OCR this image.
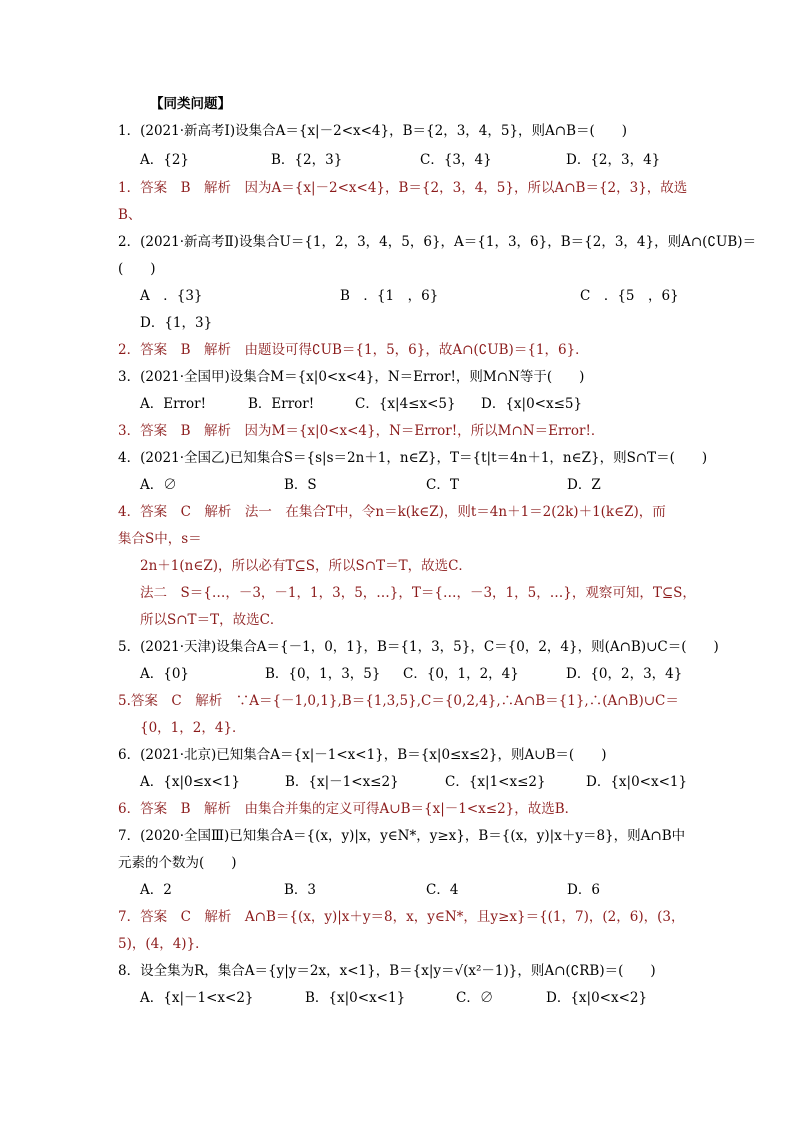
【同类问题】
1．(2021·新高考Ⅰ)设集合A＝{x|－2<x<4}，B＝{2，3，4，5}，则A∩B＝(　　)
1．答案　B　解析　因为A＝{x|－2<x<4}，B＝{2，3，4，5}，所以A∩B＝{2，3}，故选
B、
2．(2021·新高考Ⅱ)设集合U＝{1，2，3，4，5，6}，A＝{1，3，6}，B＝{2，3，4}，则A∩(∁UB)＝
(　　)
2．答案　B　解析　由题设可得∁UB＝{1，5，6}，故A∩(∁UB)＝{1，6}．
3．(2021·全国甲)设集合M＝{x|0<x<4}，N＝Error!，则M∩N等于(　　)
3．答案　B　解析　因为M＝{x|0<x<4}，N＝Error!，所以M∩N＝Error!．
4．(2021·全国乙)已知集合S＝{s|s＝2n＋1，n∈Z}，T＝{t|t＝4n＋1，n∈Z}，则S∩T＝(　　)
4．答案　C　解析　法一　在集合T中，令n＝k(k∈Z)，则t＝4n＋1＝2(2k)＋1(k∈Z)，而
集合S中，s＝
2n＋1(n∈Z)，所以必有T⊆S，所以S∩T＝T，故选C．
法二　S＝{…，－3，－1，1，3，5，…}，T＝{…，－3，1，5，…}，观察可知，T⊆S，
所以S∩T＝T，故选C．
5．(2021·天津)设集合A＝{－1，0，1}，B＝{1，3，5}，C＝{0，2，4}，则(A∩B)∪C＝(　　)
5.答案　C　解析　∵A＝{－1,0,1},B＝{1,3,5},C＝{0,2,4},∴A∩B＝{1},∴(A∩B)∪C＝
{0，1，2，4}．
6．(2021·北京)已知集合A＝{x|－1<x<1}，B＝{x|0≤x≤2}，则A∪B＝(　　)
6．答案　B　解析　由集合并集的定义可得A∪B＝{x|－1<x≤2}，故选B．
7．(2020·全国Ⅲ)已知集合A＝{(x，y)|x，y∈N*，y≥x}，B＝{(x，y)|x＋y＝8}，则A∩B中
元素的个数为(　　)
7．答案　C　解析　A∩B＝{(x，y)|x＋y＝8，x，y∈N*，且y≥x}＝{(1，7)，(2，6)，(3，
5)，(4，4)}．
8．设全集为R，集合A＝{y|y＝2x，x<1}，B＝{x|y＝√(x²－1)}，则A∩(∁RB)＝(　　)
A．{2}	B．{2，3}	C．{3，4}	D．{2，3，4}
A　．{3}	B　．{1　，6}	C　．{5　，6}
D．{1，3}
A．Error!	B．Error!	C．{x|4≤x<5} D．{x|0<x≤5}
A．∅	B．S	C．T	D．Z
A．{0}	B．{0，1，3，5} C．{0，1，2，4}	D．{0，2，3，4}
A．{x|0≤x<1}	B．{x|－1<x≤2}	C．{x|1<x≤2}	D．{x|0<x<1}
A．2	B．3	C．4	D．6
A．{x|－1<x<2}	B．{x|0<x<1}	C．∅	D．{x|0<x<2}
